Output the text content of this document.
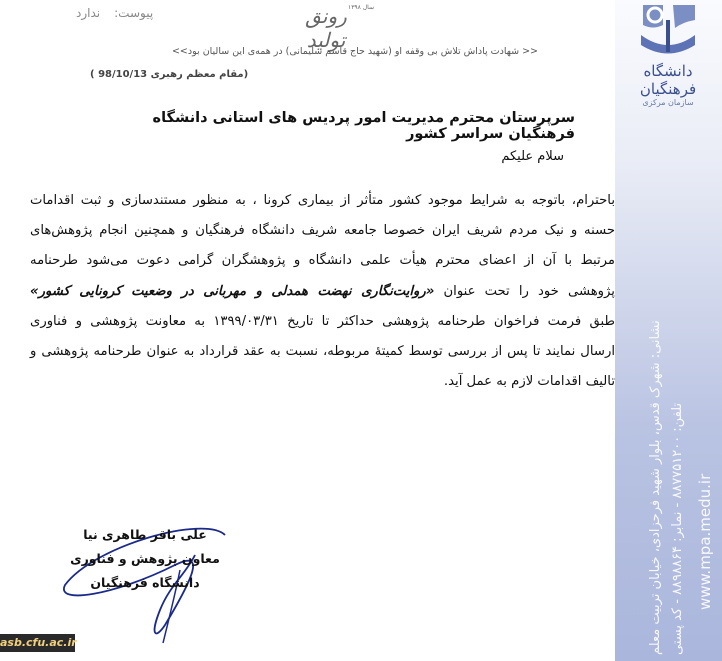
دانشگاه فرهنگیان
سازمان مرکزی
نشانی: شهرک قدس، بلوار شهید فرحزادی، خیابان تربیت معلم تلفن: ۸۸۷۷۵۱۲۰۰ - نمابر: ۸۸۹۸۸۶۴ - کد پستی
www.mpa.medu.ir
پیوست:ندارد	رونق تولید
سال ۱۳۹۸
<< شهادت پاداش تلاش بی وقفه او (شهید حاج قاسم سلیمانی) در همه‌ی این سالیان بود>>
(مقام معظم رهبری 98/10/13 )
سرپرستان محترم مدیریت امور پردیس های استانی دانشگاه فرهنگیان سراسر کشور
سلام علیکم
باحترام، باتوجه به شرایط موجود کشور متأثر از بیماری کرونا ، به منظور مستندسازی و ثبت اقدامات
حسنه و نیک مردم شریف ایران خصوصا جامعه شریف دانشگاه فرهنگیان و همچنین انجام پژوهش‌های
مرتبط با آن از اعضای محترم هیأت علمی دانشگاه و پژوهشگران گرامی دعوت می‌شود طرحنامه
پژوهشی خود را تحت عنوان «روایت‌نگاری نهضت همدلی و مهربانی در وضعیت کرونایی کشور»
طبق فرمت فراخوان طرحنامه پژوهشی حداکثر تا تاریخ ۱۳۹۹/۰۳/۳۱ به معاونت پژوهشی و فناوری
ارسال نمایند تا پس از بررسی توسط کمیتهٔ مربوطه، نسبت به عقد قرارداد به عنوان طرحنامه پژوهشی و
تالیف اقدامات لازم به عمل آید.
علی باقر طاهری نیا
معاون پژوهش و فناوری
دانشگاه فرهنگیان
asb.cfu.ac.ir
